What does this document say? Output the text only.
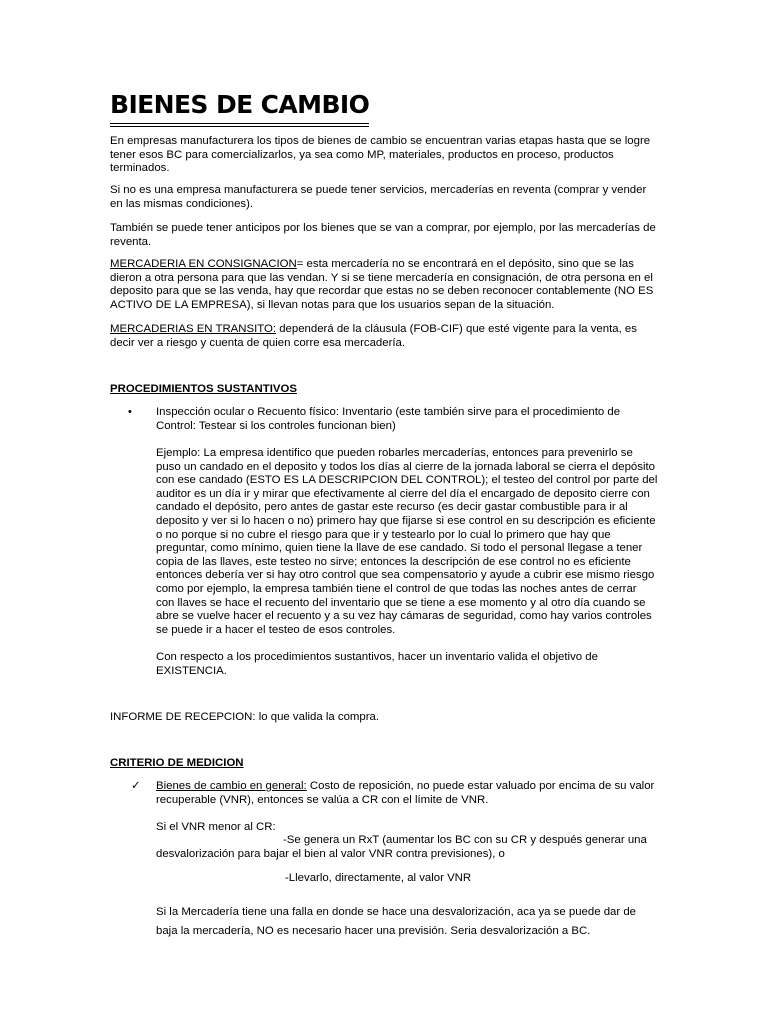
BIENES DE CAMBIO

En empresas manufacturera los tipos de bienes de cambio se encuentran varias etapas hasta que se logre tener esos BC para comercializarlos, ya sea como MP, materiales, productos en proceso, productos terminados.

Si no es una empresa manufacturera se puede tener servicios, mercaderías en reventa (comprar y vender en las mismas condiciones).

También se puede tener anticipos por los bienes que se van a comprar, por ejemplo, por las mercaderías de reventa.

MERCADERIA EN CONSIGNACION= esta mercadería no se encontrará en el depósito, sino que se las dieron a otra persona para que las vendan. Y si se tiene mercadería en consignación, de otra persona en el deposito para que se las venda, hay que recordar que estas no se deben reconocer contablemente (NO ES ACTIVO DE LA EMPRESA), si llevan notas para que los usuarios sepan de la situación.

MERCADERIAS EN TRANSITO: dependerá de la cláusula (FOB-CIF) que esté vigente para la venta, es decir ver a riesgo y cuenta de quien corre esa mercadería.

PROCEDIMIENTOS SUSTANTIVOS

• Inspección ocular o Recuento físico: Inventario (este también sirve para el procedimiento de Control: Testear si los controles funcionan bien)

Ejemplo: La empresa identifico que pueden robarles mercaderías, entonces para prevenirlo se puso un candado en el deposito y todos los días al cierre de la jornada laboral se cierra el depósito con ese candado (ESTO ES LA DESCRIPCION DEL CONTROL); el testeo del control por parte del auditor es un día ir y mirar que efectivamente al cierre del día el encargado de deposito cierre con candado el depósito, pero antes de gastar este recurso (es decir gastar combustible para ir al deposito y ver si lo hacen o no) primero hay que fijarse si ese control en su descripción es eficiente o no porque si no cubre el riesgo para que ir y testearlo por lo cual lo primero que hay que preguntar, como mínimo, quien tiene la llave de ese candado. Si todo el personal llegase a tener copia de las llaves, este testeo no sirve; entonces la descripción de ese control no es eficiente entonces debería ver si hay otro control que sea compensatorio y ayude a cubrir ese mismo riesgo como por ejemplo, la empresa también tiene el control de que todas las noches antes de cerrar con llaves se hace el recuento del inventario que se tiene a ese momento y al otro día cuando se abre se vuelve hacer el recuento y a su vez hay cámaras de seguridad, como hay varios controles se puede ir a hacer el testeo de esos controles.

Con respecto a los procedimientos sustantivos, hacer un inventario valida el objetivo de EXISTENCIA.

INFORME DE RECEPCION: lo que valida la compra.

CRITERIO DE MEDICION

✓ Bienes de cambio en general: Costo de reposición, no puede estar valuado por encima de su valor recuperable (VNR), entonces se valúa a CR con el límite de VNR.

Si el VNR menor al CR:

-Se genera un RxT (aumentar los BC con su CR y después generar una desvalorización para bajar el bien al valor VNR contra previsiones), o

-Llevarlo, directamente, al valor VNR

Si la Mercadería tiene una falla en donde se hace una desvalorización, aca ya se puede dar de baja la mercadería, NO es necesario hacer una previsión. Seria desvalorización a BC.
